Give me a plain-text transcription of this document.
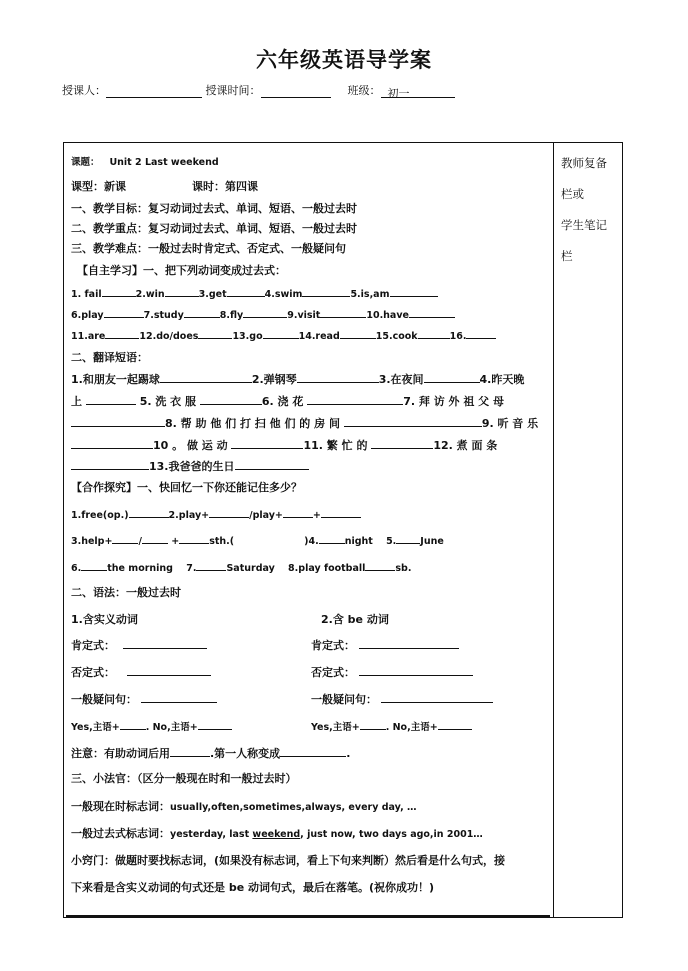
六年级英语导学案
授课人：	授课时间：	班级： 初一
教师复备
栏或
学生笔记
栏
课题： Unit 2 Last weekend
课型：新课	课时：第四课
一、教学目标：复习动词过去式、单词、短语、一般过去时
二、教学重点：复习动词过去式、单词、短语、一般过去时
三、教学难点：一般过去时肯定式、否定式、一般疑问句
【自主学习】一、把下列动词变成过去式：
1. fail	2.win	3.get	4.swim	5.is,am
6.play	7.study	8.fly	9.visit	10.have
11.are	12.do/does	13.go	14.read	15.cook	16.
二、翻译短语：
1.和朋友一起踢球	2.弹钢琴	3.在夜间	4.昨天晚
上	5. 洗 衣 服	6. 浇 花	7. 拜 访 外 祖 父 母
8. 帮 助 他 们 打 扫 他 们 的 房 间	9. 听 音 乐
10 。 做 运 动	11. 繁 忙 的	12. 煮 面 条
13.我爸爸的生日
【合作探究】一、快回忆一下你还能记住多少？
1.free(op.)	2.play+	/play+	+
3.help+	/	+	sth.(	)4.	night 5.	June
6.	the morning 7.	Saturday 8.play football	sb.
二、语法：一般过去时
1.含实义动词	2.含 be 动词
肯定式：	肯定式：
否定式：	否定式：
一般疑问句：	一般疑问句：
Yes,主语+	. No,主语+	Yes,主语+	. No,主语+
注意：有助动词后用	.第一人称变成	.
三、小法官：（区分一般现在时和一般过去时）
一般现在时标志词：usually,often,sometimes,always, every day, …
一般过去式标志词：yesterday, last weekend, just now, two days ago,in 2001…
小窍门：做题时要找标志词，(如果没有标志词，看上下句来判断）然后看是什么句式，接
下来看是含实义动词的句式还是 be 动词句式，最后在落笔。(祝你成功！)
